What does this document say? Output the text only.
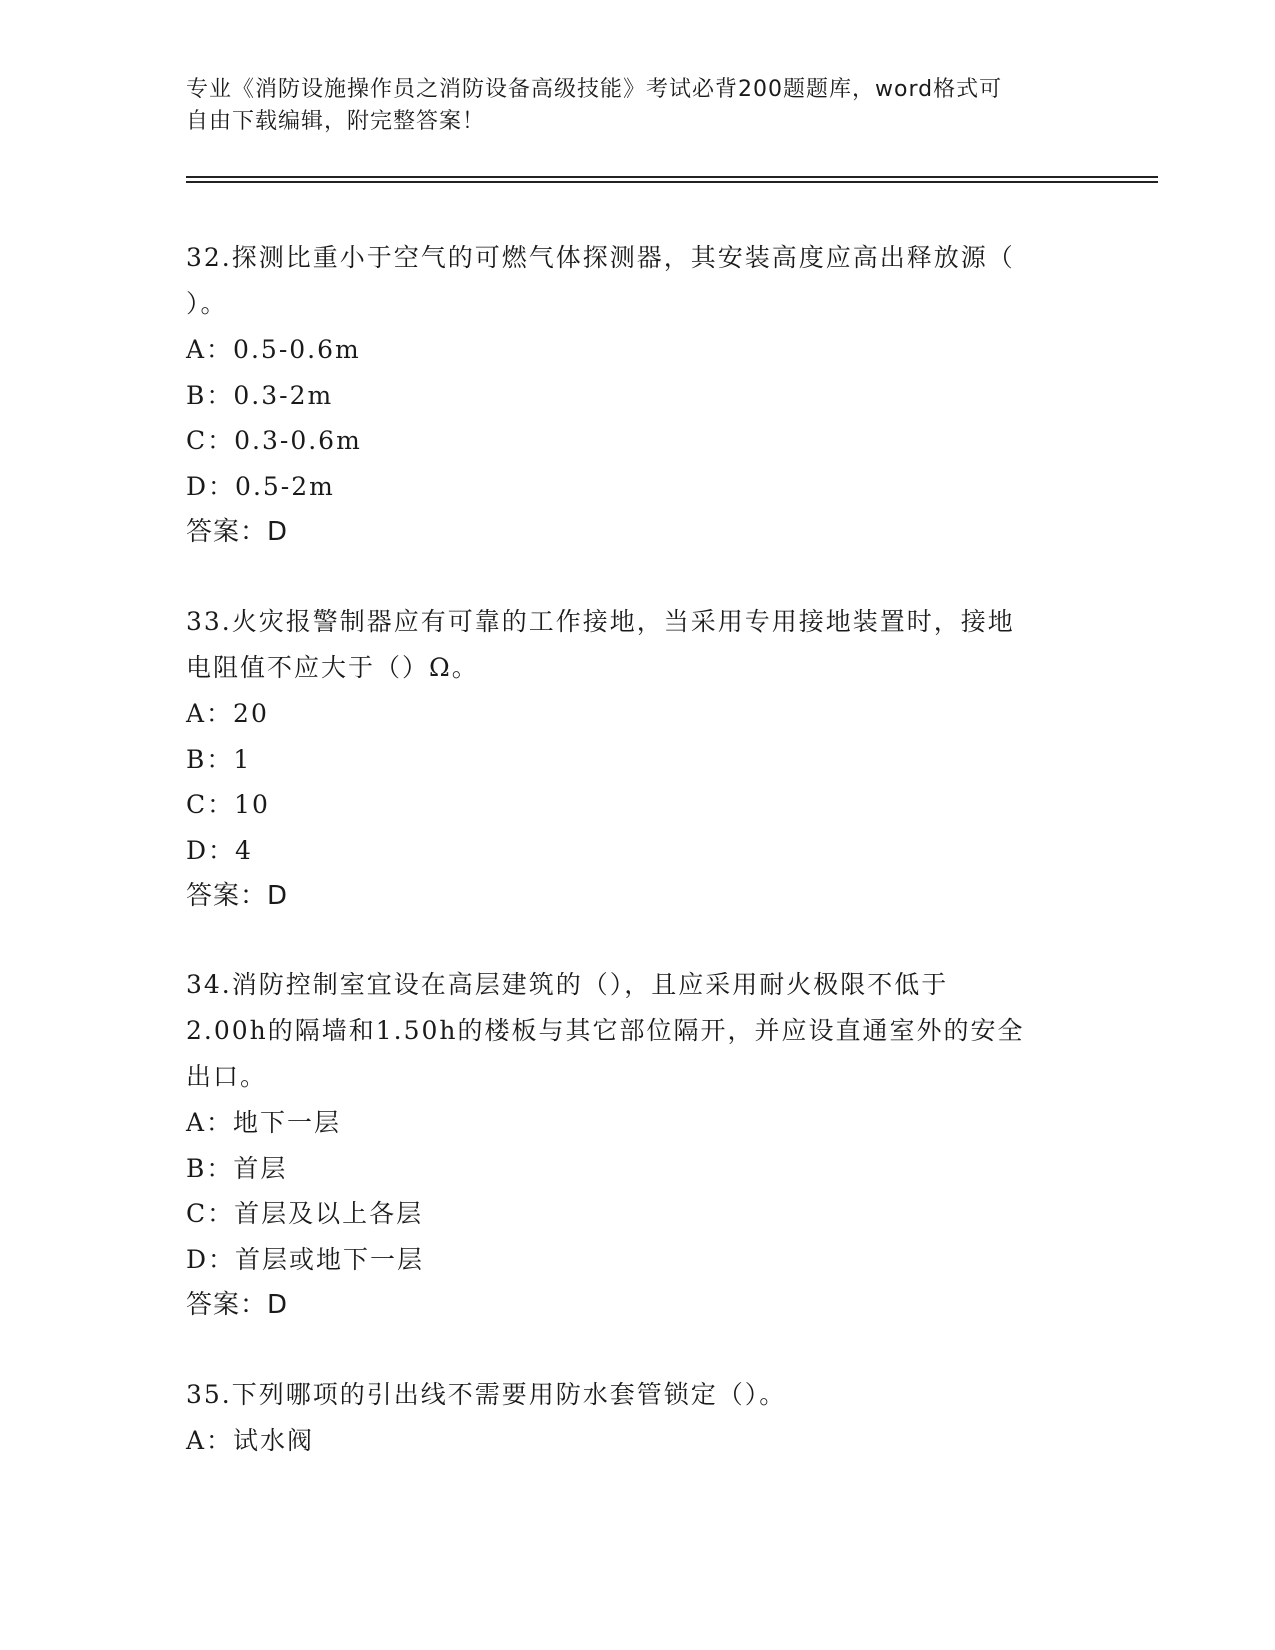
专业《消防设施操作员之消防设备高级技能》考试必背200题题库，word格式可
自由下载编辑，附完整答案！

32.探测比重小于空气的可燃气体探测器，其安装高度应高出释放源（

）。

A：0.5-0.6m

B：0.3-2m

C：0.3-0.6m

D：0.5-2m

答案：D

33.火灾报警制器应有可靠的工作接地，当采用专用接地装置时，接地

电阻值不应大于（）Ω。

A：20

B：1

C：10

D：4

答案：D

34.消防控制室宜设在高层建筑的（），且应采用耐火极限不低于

2.00h的隔墙和1.50h的楼板与其它部位隔开，并应设直通室外的安全

出口。

A：地下一层

B：首层

C：首层及以上各层

D：首层或地下一层

答案：D

35.下列哪项的引出线不需要用防水套管锁定（）。

A：试水阀
